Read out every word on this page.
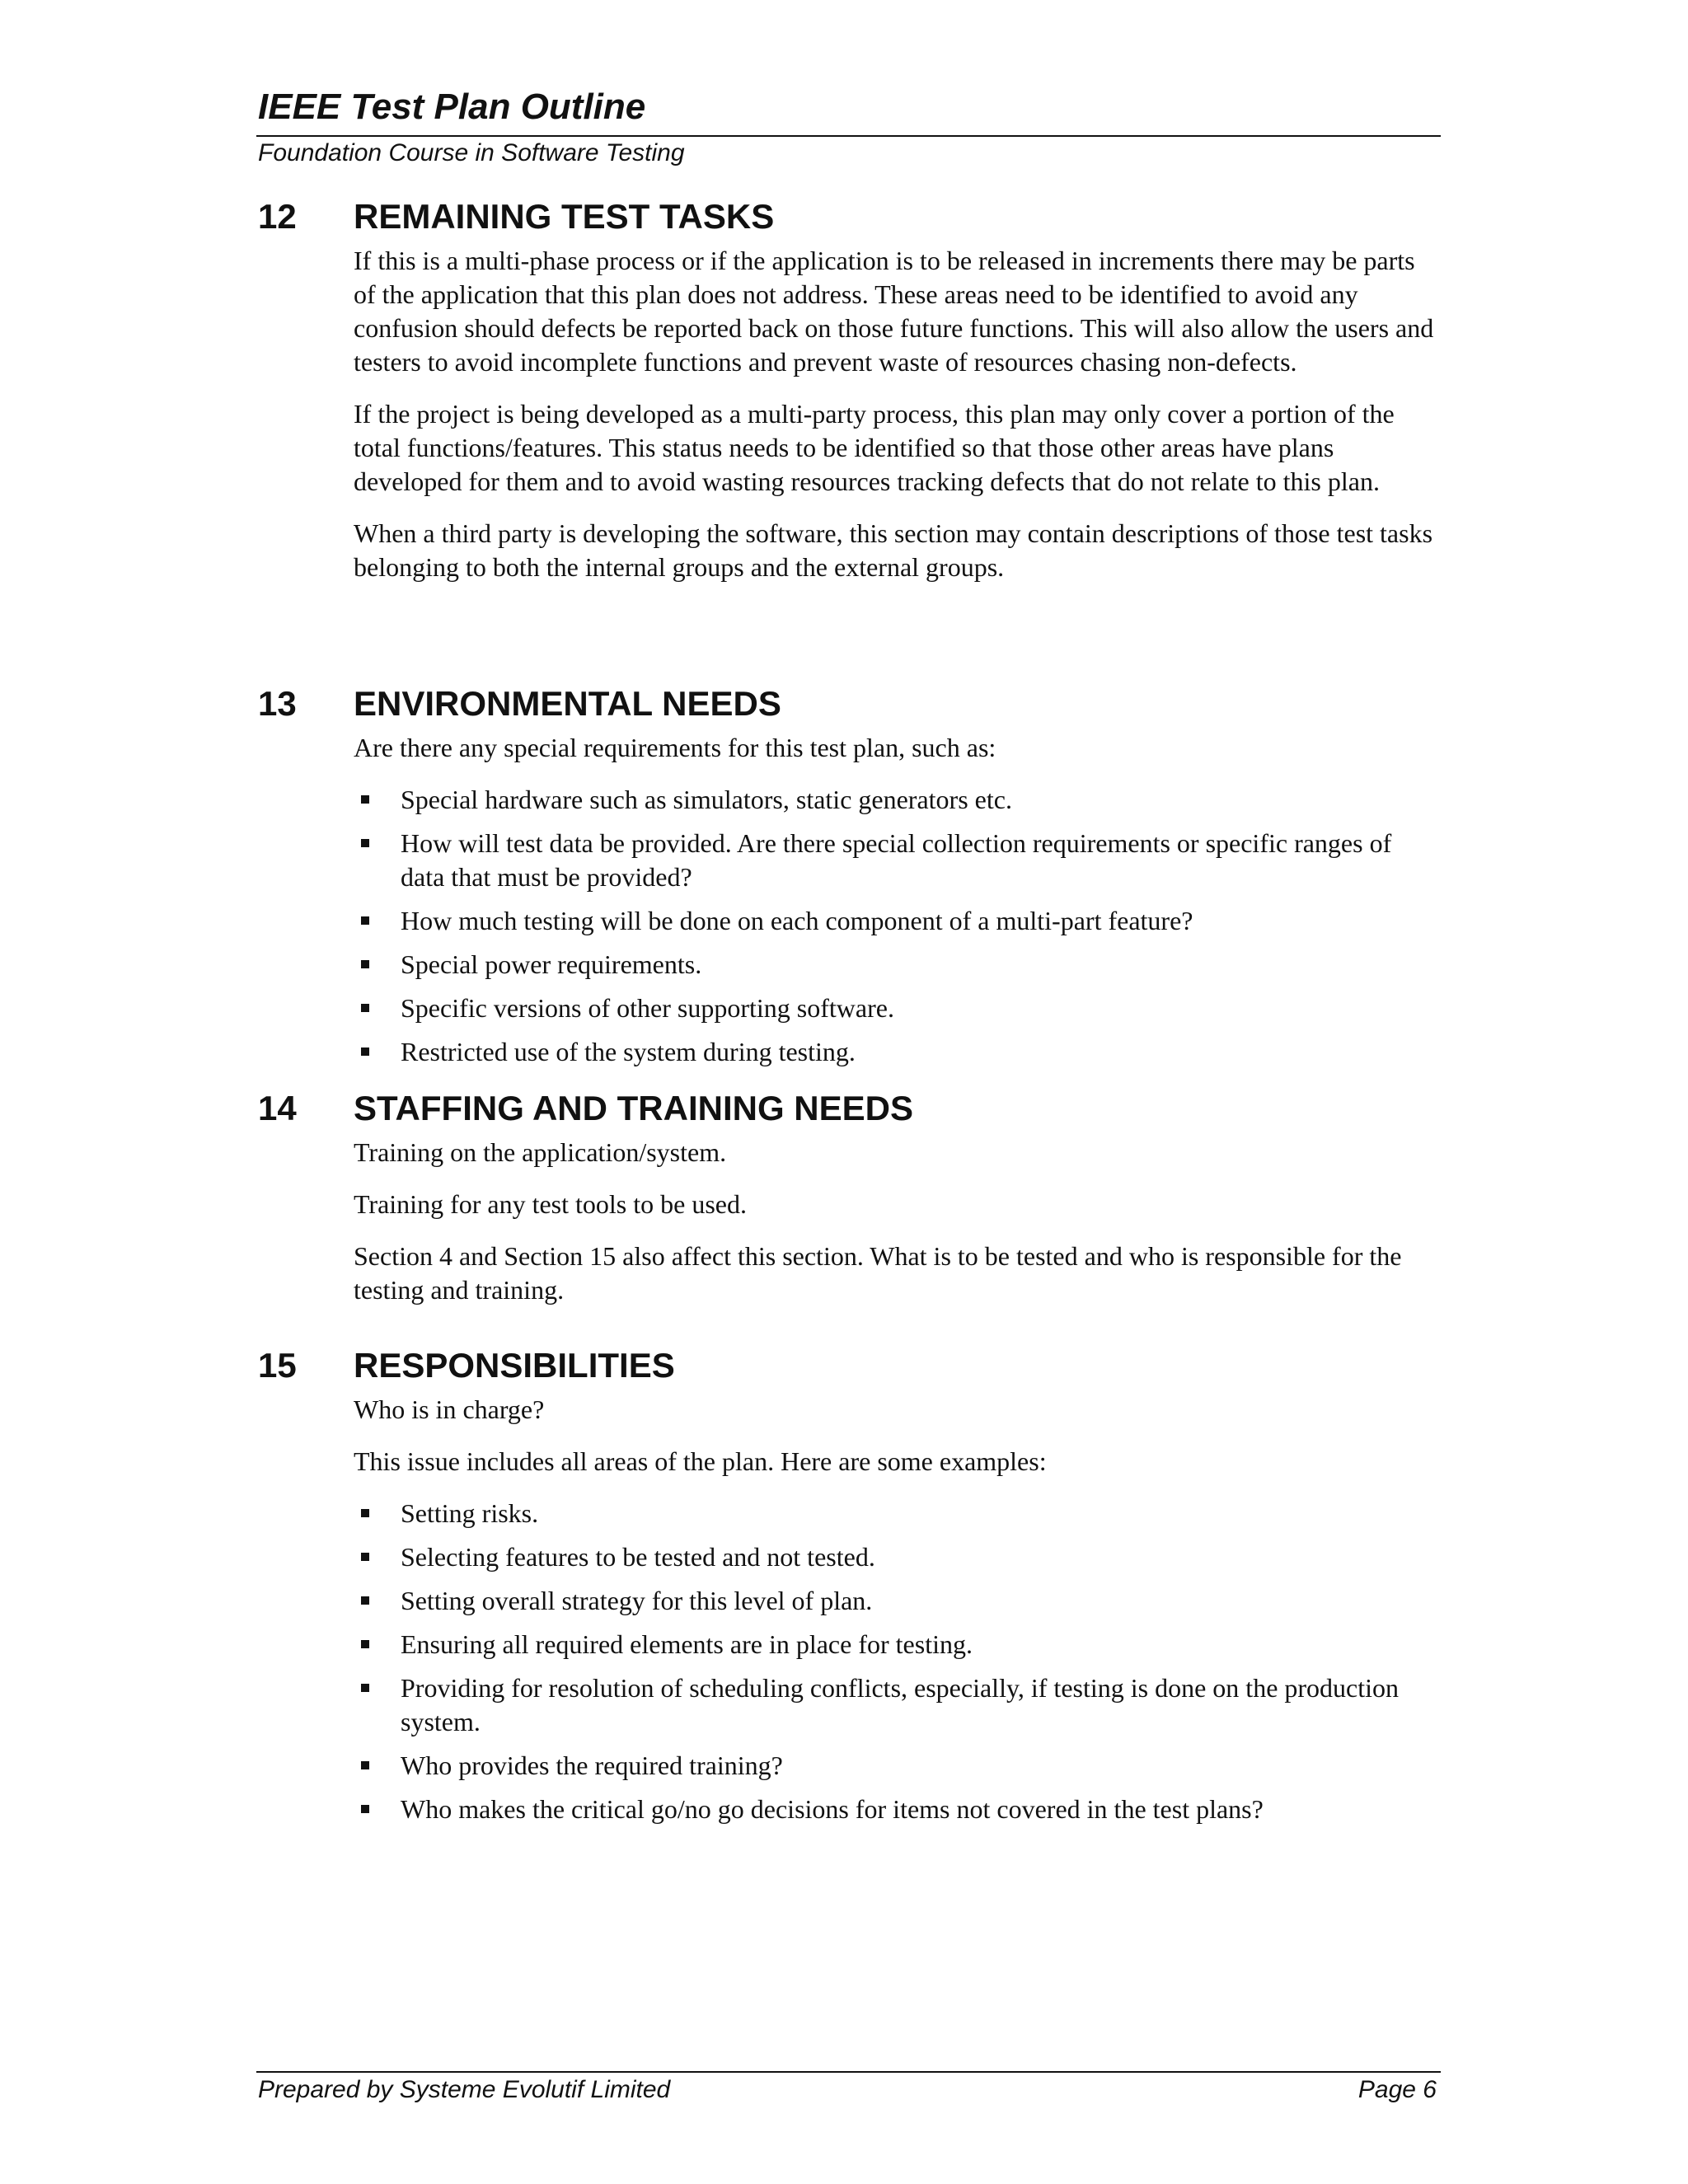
IEEE Test Plan Outline

Foundation Course in Software Testing

12 REMAINING TEST TASKS

If this is a multi-phase process or if the application is to be released in increments there may be parts of the application that this plan does not address. These areas need to be identified to avoid any confusion should defects be reported back on those future functions. This will also allow the users and testers to avoid incomplete functions and prevent waste of resources chasing non-defects.

If the project is being developed as a multi-party process, this plan may only cover a portion of the total functions/features. This status needs to be identified so that those other areas have plans developed for them and to avoid wasting resources tracking defects that do not relate to this plan.

When a third party is developing the software, this section may contain descriptions of those test tasks belonging to both the internal groups and the external groups.

13 ENVIRONMENTAL NEEDS

Are there any special requirements for this test plan, such as:

Special hardware such as simulators, static generators etc.
How will test data be provided. Are there special collection requirements or specific ranges of data that must be provided?
How much testing will be done on each component of a multi-part feature?
Special power requirements.
Specific versions of other supporting software.
Restricted use of the system during testing.
14 STAFFING AND TRAINING NEEDS

Training on the application/system.

Training for any test tools to be used.

Section 4 and Section 15 also affect this section. What is to be tested and who is responsible for the testing and training.

15 RESPONSIBILITIES

Who is in charge?

This issue includes all areas of the plan. Here are some examples:

Setting risks.
Selecting features to be tested and not tested.
Setting overall strategy for this level of plan.
Ensuring all required elements are in place for testing.
Providing for resolution of scheduling conflicts, especially, if testing is done on the production system.
Who provides the required training?
Who makes the critical go/no go decisions for items not covered in the test plans?
Prepared by Systeme Evolutif Limited	Page 6
